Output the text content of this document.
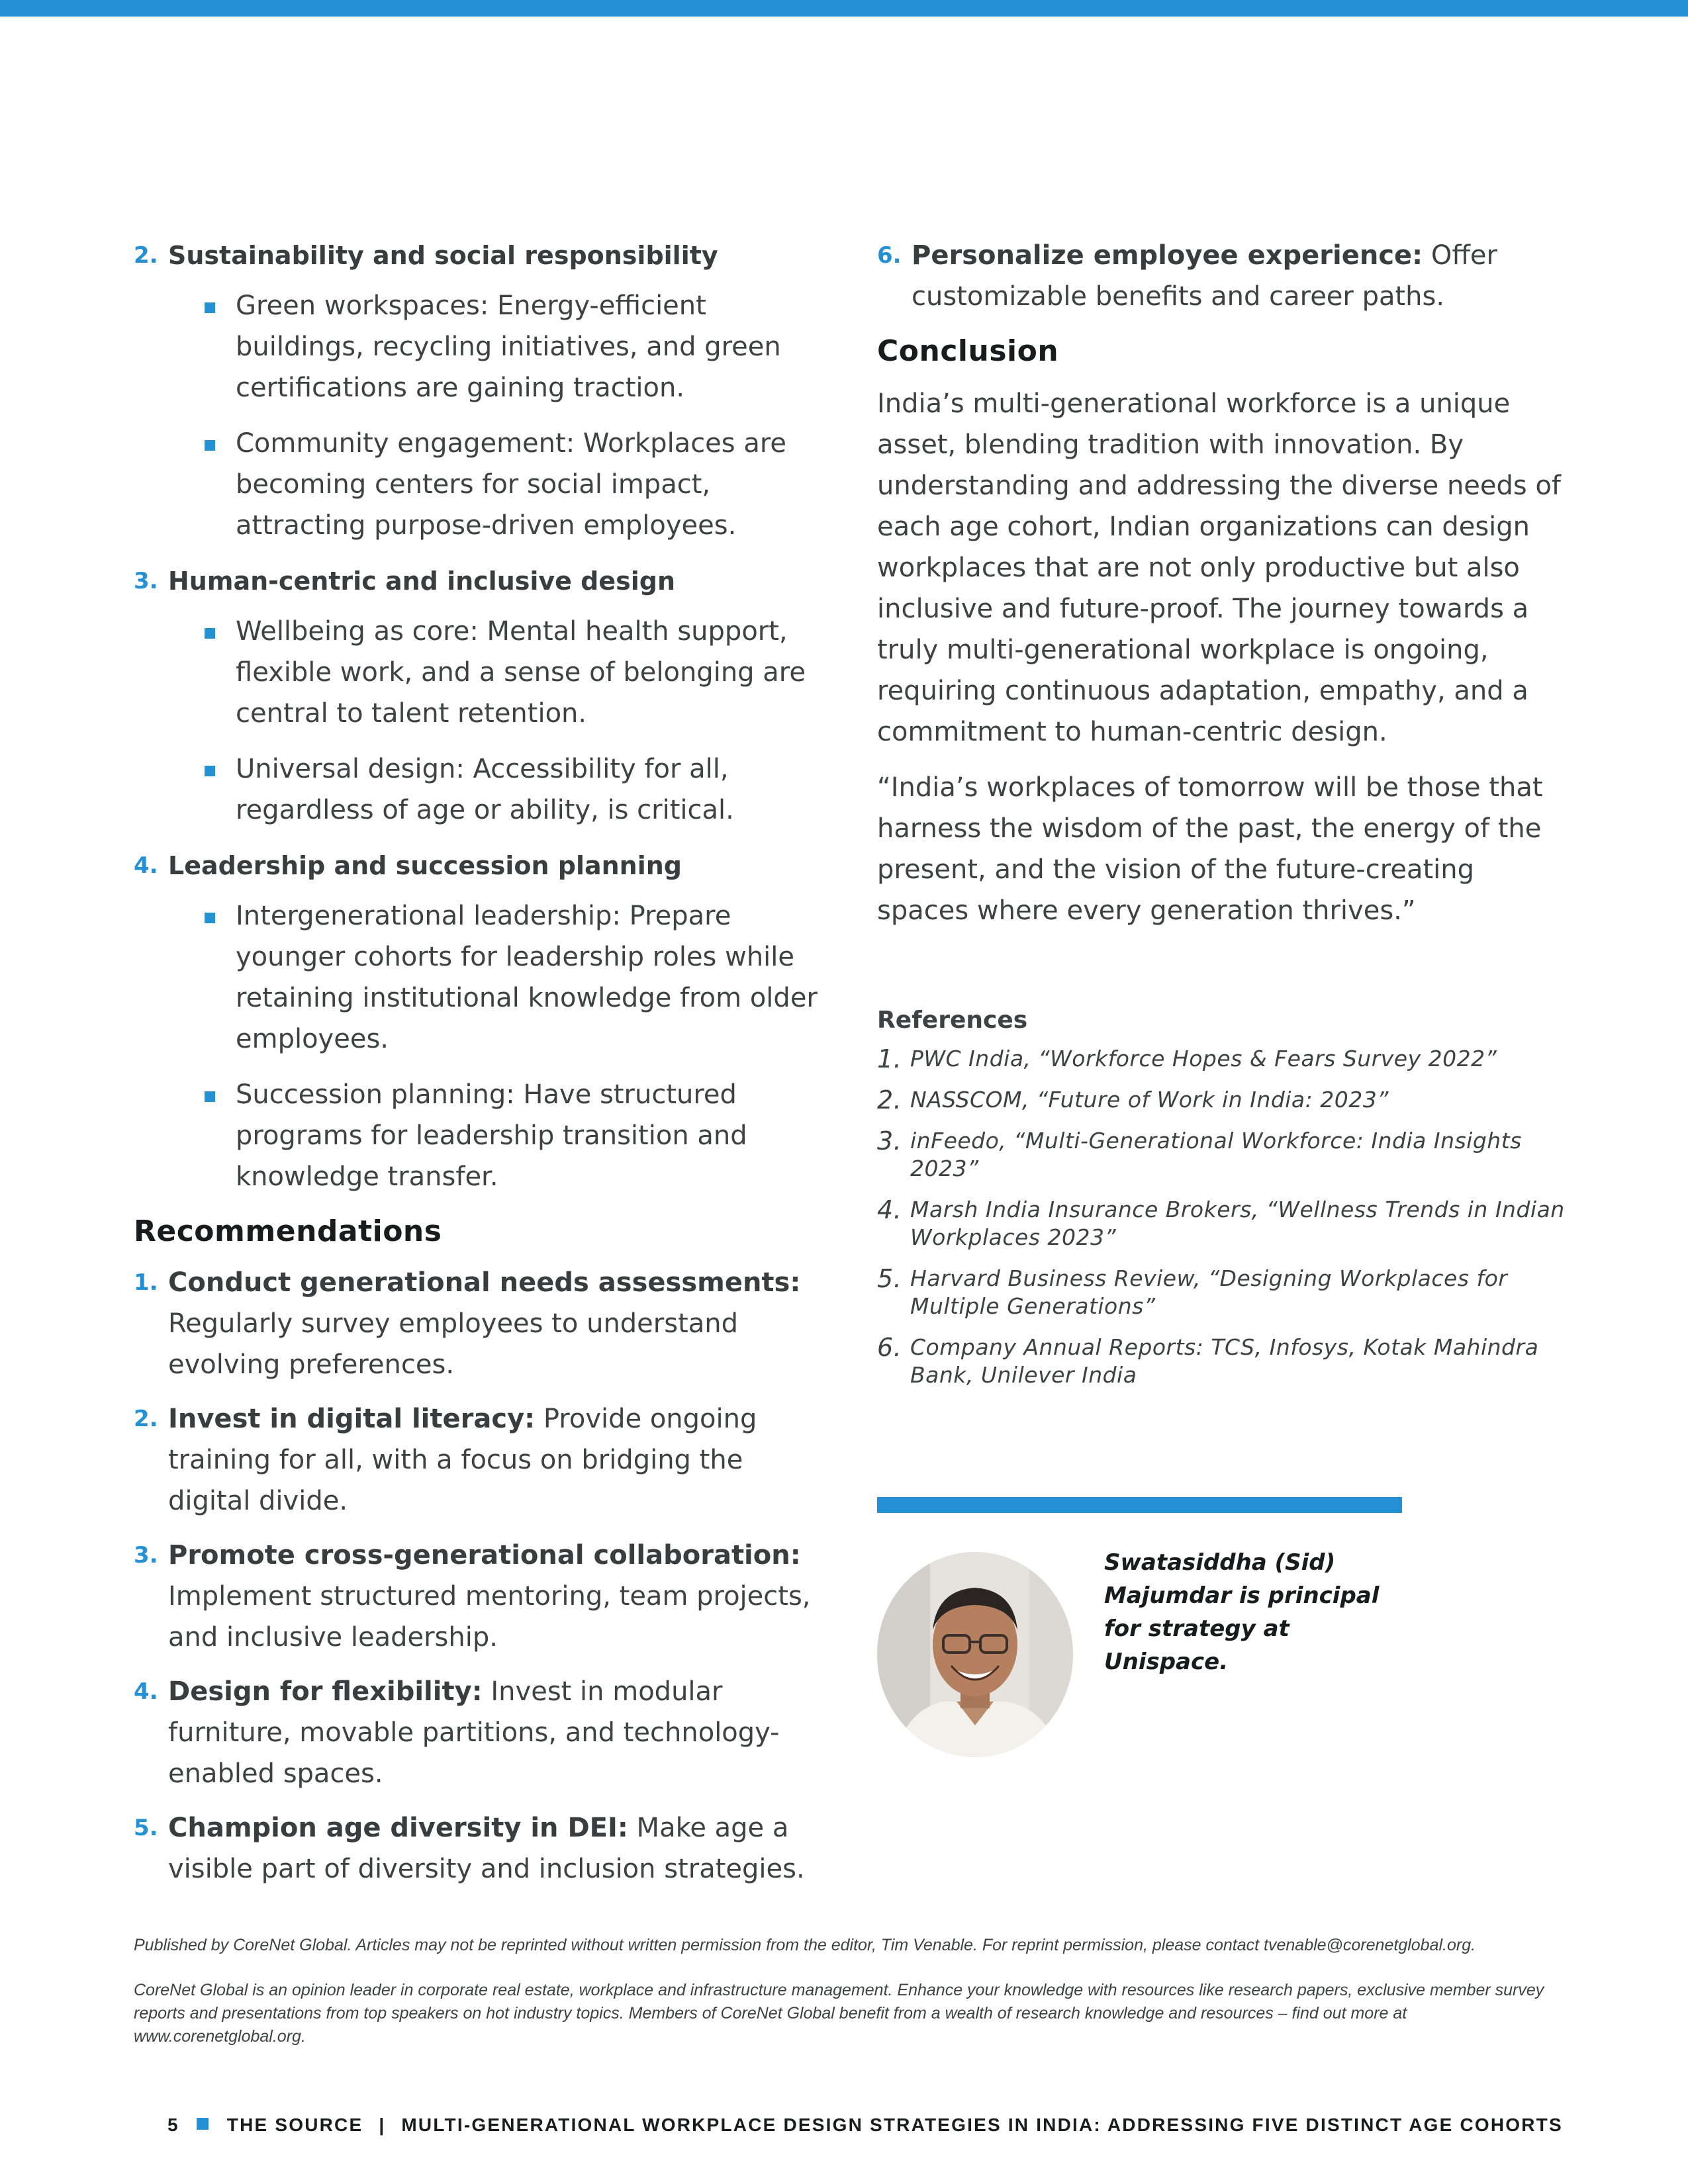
2. Sustainability and social responsibility
Green workspaces: Energy-efficient buildings, recycling initiatives, and green certifications are gaining traction.
Community engagement: Workplaces are becoming centers for social impact, attracting purpose-driven employees.
3. Human-centric and inclusive design
Wellbeing as core: Mental health support, flexible work, and a sense of belonging are central to talent retention.
Universal design: Accessibility for all, regardless of age or ability, is critical.
4. Leadership and succession planning
Intergenerational leadership: Prepare younger cohorts for leadership roles while retaining institutional knowledge from older employees.
Succession planning: Have structured programs for leadership transition and knowledge transfer.
Recommendations
1. Conduct generational needs assessments: Regularly survey employees to understand evolving preferences.
2. Invest in digital literacy: Provide ongoing training for all, with a focus on bridging the digital divide.
3. Promote cross-generational collaboration: Implement structured mentoring, team projects, and inclusive leadership.
4. Design for flexibility: Invest in modular furniture, movable partitions, and technology-enabled spaces.
5. Champion age diversity in DEI: Make age a visible part of diversity and inclusion strategies.
6. Personalize employee experience: Offer customizable benefits and career paths.
Conclusion

India’s multi-generational workforce is a unique asset, blending tradition with innovation. By understanding and addressing the diverse needs of each age cohort, Indian organizations can design workplaces that are not only productive but also inclusive and future-proof. The journey towards a truly multi-generational workplace is ongoing, requiring continuous adaptation, empathy, and a commitment to human-centric design.

“India’s workplaces of tomorrow will be those that harness the wisdom of the past, the energy of the present, and the vision of the future-creating spaces where every generation thrives.”

References
1. PWC India, “Workforce Hopes & Fears Survey 2022”
2. NASSCOM, “Future of Work in India: 2023”
3. inFeedo, “Multi-Generational Workforce: India Insights 2023”
4. Marsh India Insurance Brokers, “Wellness Trends in Indian Workplaces 2023”
5. Harvard Business Review, “Designing Workplaces for Multiple Generations”
6. Company Annual Reports: TCS, Infosys, Kotak Mahindra Bank, Unilever India
Swatasiddha (Sid) Majumdar is principal for strategy at Unispace.

Published by CoreNet Global. Articles may not be reprinted without written permission from the editor, Tim Venable. For reprint permission, please contact tvenable@corenetglobal.org.

CoreNet Global is an opinion leader in corporate real estate, workplace and infrastructure management. Enhance your knowledge with resources like research papers, exclusive member survey reports and presentations from top speakers on hot industry topics. Members of CoreNet Global benefit from a wealth of research knowledge and resources – find out more at www.corenetglobal.org.

5	THE SOURCE | MULTI-GENERATIONAL WORKPLACE DESIGN STRATEGIES IN INDIA: ADDRESSING FIVE DISTINCT AGE COHORTS
